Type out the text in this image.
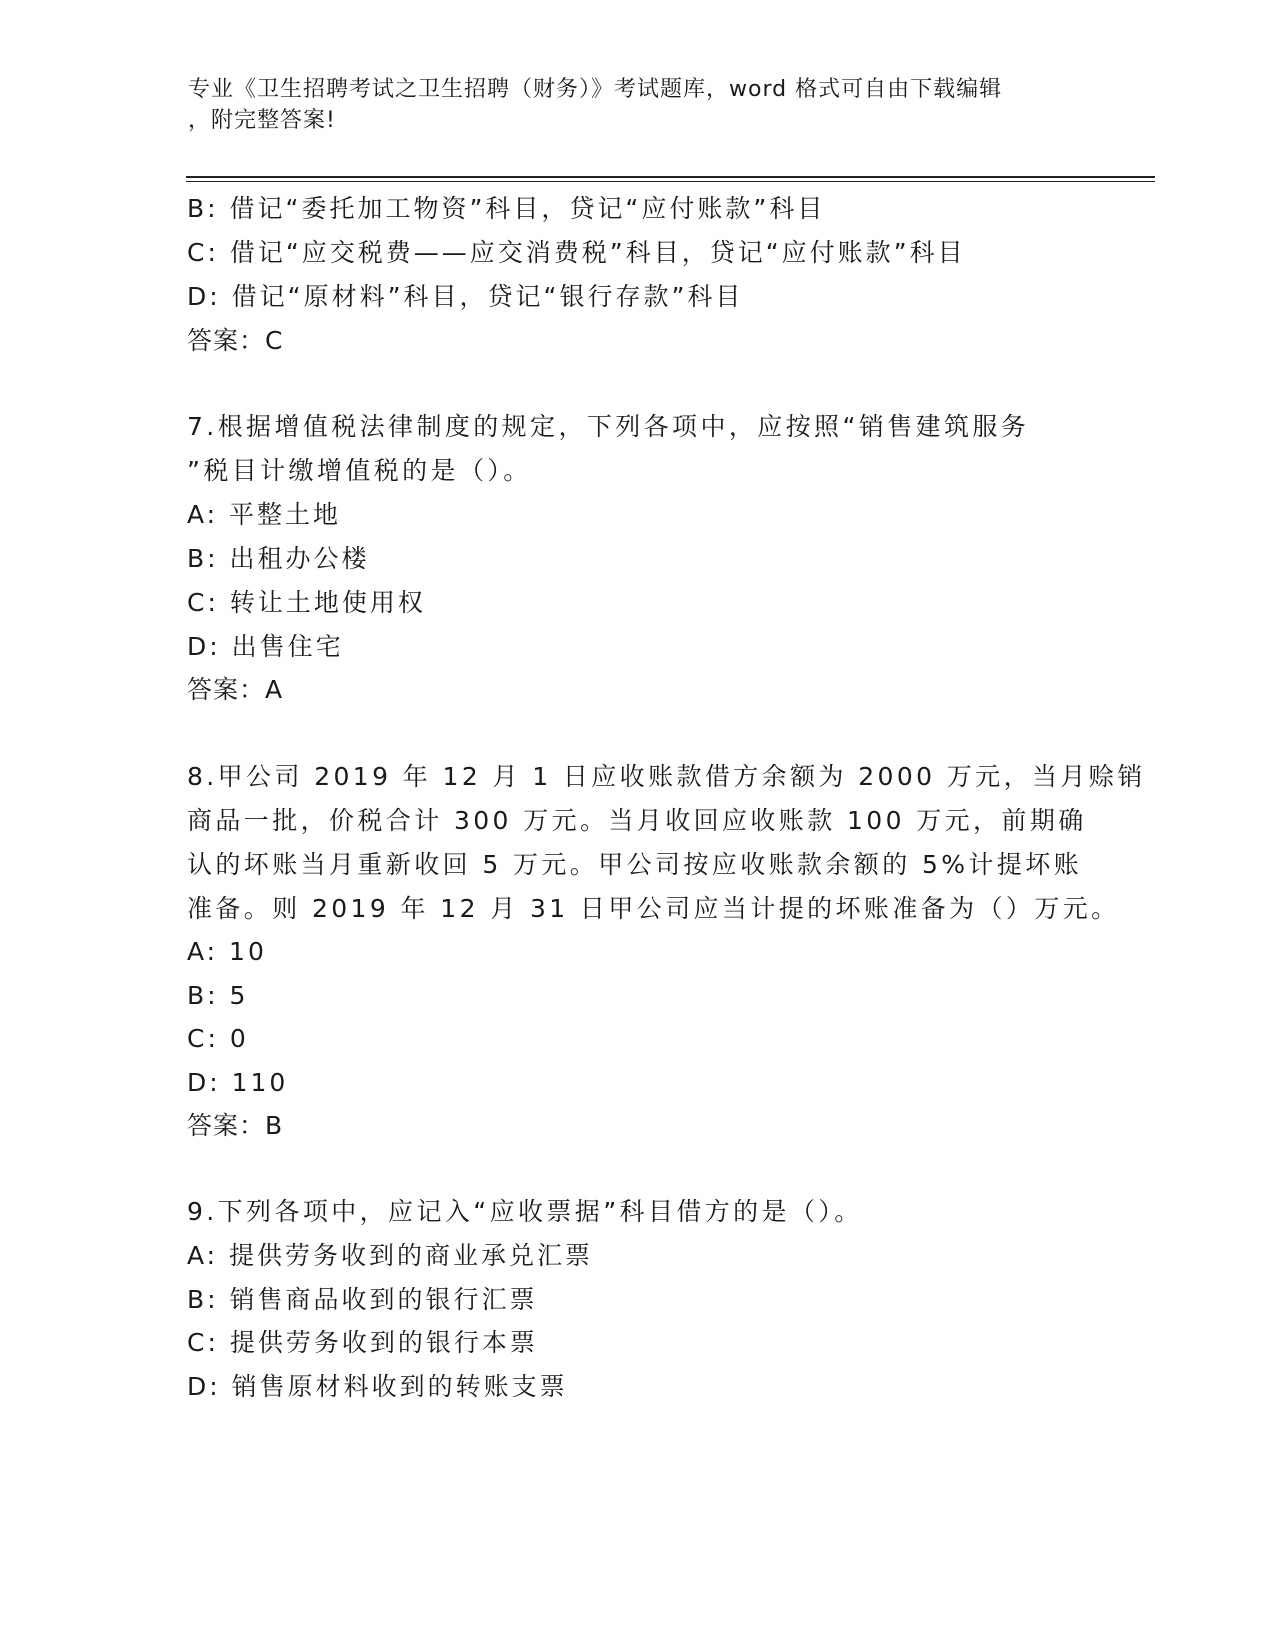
专业《卫生招聘考试之卫生招聘（财务）》考试题库，word 格式可自由下载编辑
，附完整答案!
B: 借记“委托加工物资”科目，贷记“应付账款”科目
C: 借记“应交税费——应交消费税”科目，贷记“应付账款”科目
D: 借记“原材料”科目，贷记“银行存款”科目
答案：C
7.根据增值税法律制度的规定，下列各项中，应按照“销售建筑服务
”税目计缴增值税的是（）。
A: 平整土地
B: 出租办公楼
C: 转让土地使用权
D: 出售住宅
答案：A
8.甲公司 2019 年 12 月 1 日应收账款借方余额为 2000 万元，当月赊销
商品一批，价税合计 300 万元。当月收回应收账款 100 万元，前期确
认的坏账当月重新收回 5 万元。甲公司按应收账款余额的 5%计提坏账
准备。则 2019 年 12 月 31 日甲公司应当计提的坏账准备为（）万元。
A: 10
B: 5
C: 0
D: 110
答案：B
9.下列各项中，应记入“应收票据”科目借方的是（）。
A: 提供劳务收到的商业承兑汇票
B: 销售商品收到的银行汇票
C: 提供劳务收到的银行本票
D: 销售原材料收到的转账支票
